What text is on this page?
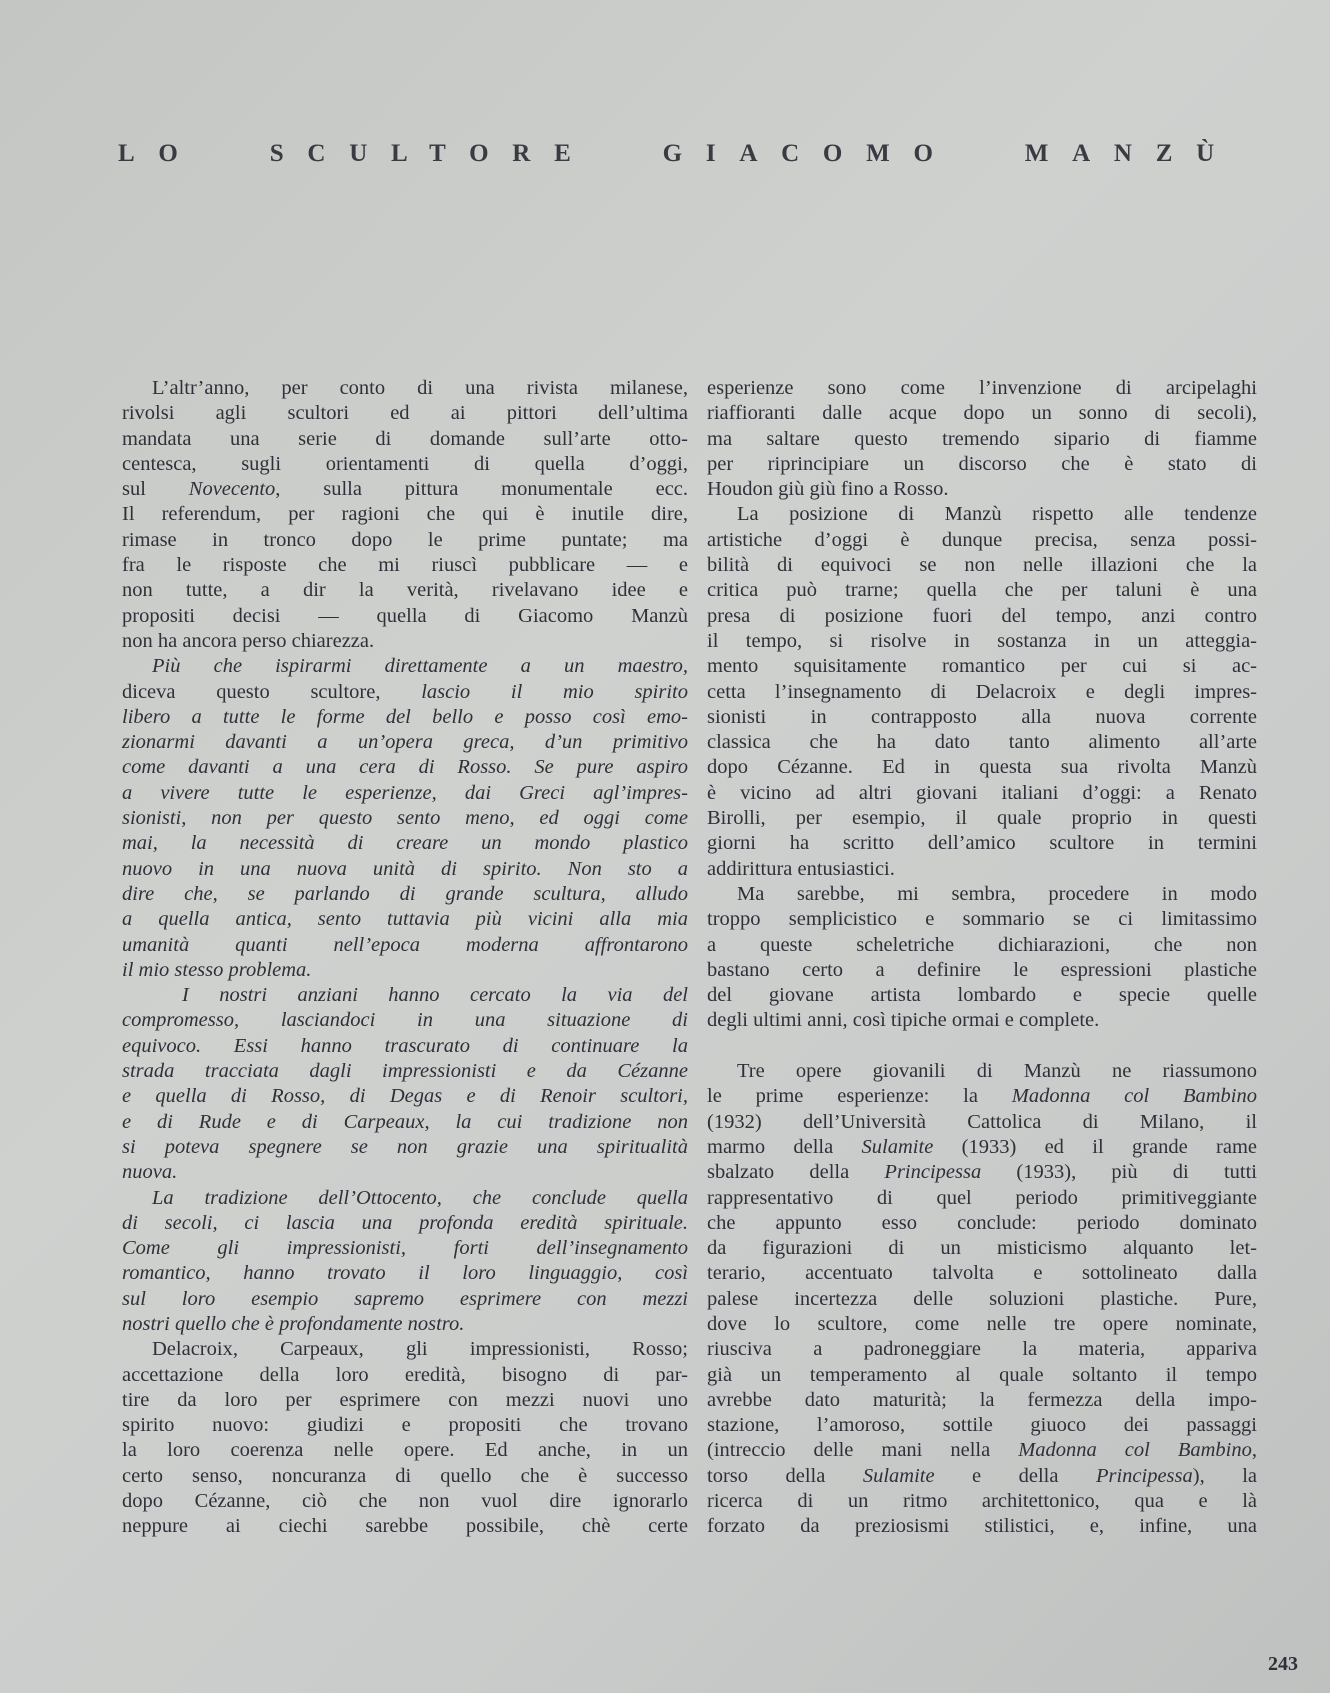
LO	SCULTORE	GIACOMO	MANZÙ
L’altr’anno, per conto di una rivista milanese,
rivolsi agli scultori ed ai pittori dell’ultima
mandata una serie di domande sull’arte otto-
centesca, sugli orientamenti di quella d’oggi,
sul Novecento, sulla pittura monumentale ecc.
Il referendum, per ragioni che qui è inutile dire,
rimase in tronco dopo le prime puntate; ma
fra le risposte che mi riuscì pubblicare — e
non tutte, a dir la verità, rivelavano idee e
propositi decisi — quella di Giacomo Manzù
non ha ancora perso chiarezza.
Più che ispirarmi direttamente a un maestro,
diceva questo scultore, lascio il mio spirito
libero a tutte le forme del bello e posso così emo-
zionarmi davanti a un’opera greca, d’un primitivo
come davanti a una cera di Rosso. Se pure aspiro
a vivere tutte le esperienze, dai Greci agl’impres-
sionisti, non per questo sento meno, ed oggi come
mai, la necessità di creare un mondo plastico
nuovo in una nuova unità di spirito. Non sto a
dire che, se parlando di grande scultura, alludo
a quella antica, sento tuttavia più vicini alla mia
umanità quanti nell’epoca moderna affrontarono
il mio stesso problema.
I nostri anziani hanno cercato la via del
compromesso, lasciandoci in una situazione di
equivoco. Essi hanno trascurato di continuare la
strada tracciata dagli impressionisti e da Cézanne
e quella di Rosso, di Degas e di Renoir scultori,
e di Rude e di Carpeaux, la cui tradizione non
si poteva spegnere se non grazie una spiritualità
nuova.
La tradizione dell’Ottocento, che conclude quella
di secoli, ci lascia una profonda eredità spirituale.
Come gli impressionisti, forti dell’insegnamento
romantico, hanno trovato il loro linguaggio, così
sul loro esempio sapremo esprimere con mezzi
nostri quello che è profondamente nostro.
Delacroix, Carpeaux, gli impressionisti, Rosso;
accettazione della loro eredità, bisogno di par-
tire da loro per esprimere con mezzi nuovi uno
spirito nuovo: giudizi e propositi che trovano
la loro coerenza nelle opere. Ed anche, in un
certo senso, noncuranza di quello che è successo
dopo Cézanne, ciò che non vuol dire ignorarlo
neppure ai ciechi sarebbe possibile, chè certe
esperienze sono come l’invenzione di arcipelaghi
riaffioranti dalle acque dopo un sonno di secoli),
ma saltare questo tremendo sipario di fiamme
per riprincipiare un discorso che è stato di
Houdon giù giù fino a Rosso.
La posizione di Manzù rispetto alle tendenze
artistiche d’oggi è dunque precisa, senza possi-
bilità di equivoci se non nelle illazioni che la
critica può trarne; quella che per taluni è una
presa di posizione fuori del tempo, anzi contro
il tempo, si risolve in sostanza in un atteggia-
mento squisitamente romantico per cui si ac-
cetta l’insegnamento di Delacroix e degli impres-
sionisti in contrapposto alla nuova corrente
classica che ha dato tanto alimento all’arte
dopo Cézanne. Ed in questa sua rivolta Manzù
è vicino ad altri giovani italiani d’oggi: a Renato
Birolli, per esempio, il quale proprio in questi
giorni ha scritto dell’amico scultore in termini
addirittura entusiastici.
Ma sarebbe, mi sembra, procedere in modo
troppo semplicistico e sommario se ci limitassimo
a queste scheletriche dichiarazioni, che non
bastano certo a definire le espressioni plastiche
del giovane artista lombardo e specie quelle
degli ultimi anni, così tipiche ormai e complete.
Tre opere giovanili di Manzù ne riassumono
le prime esperienze: la Madonna col Bambino
(1932) dell’Università Cattolica di Milano, il
marmo della Sulamite (1933) ed il grande rame
sbalzato della Principessa (1933), più di tutti
rappresentativo di quel periodo primitiveggiante
che appunto esso conclude: periodo dominato
da figurazioni di un misticismo alquanto let-
terario, accentuato talvolta e sottolineato dalla
palese incertezza delle soluzioni plastiche. Pure,
dove lo scultore, come nelle tre opere nominate,
riusciva a padroneggiare la materia, appariva
già un temperamento al quale soltanto il tempo
avrebbe dato maturità; la fermezza della impo-
stazione, l’amoroso, sottile giuoco dei passaggi
(intreccio delle mani nella Madonna col Bambino,
torso della Sulamite e della Principessa), la
ricerca di un ritmo architettonico, qua e là
forzato da preziosismi stilistici, e, infine, una
243
